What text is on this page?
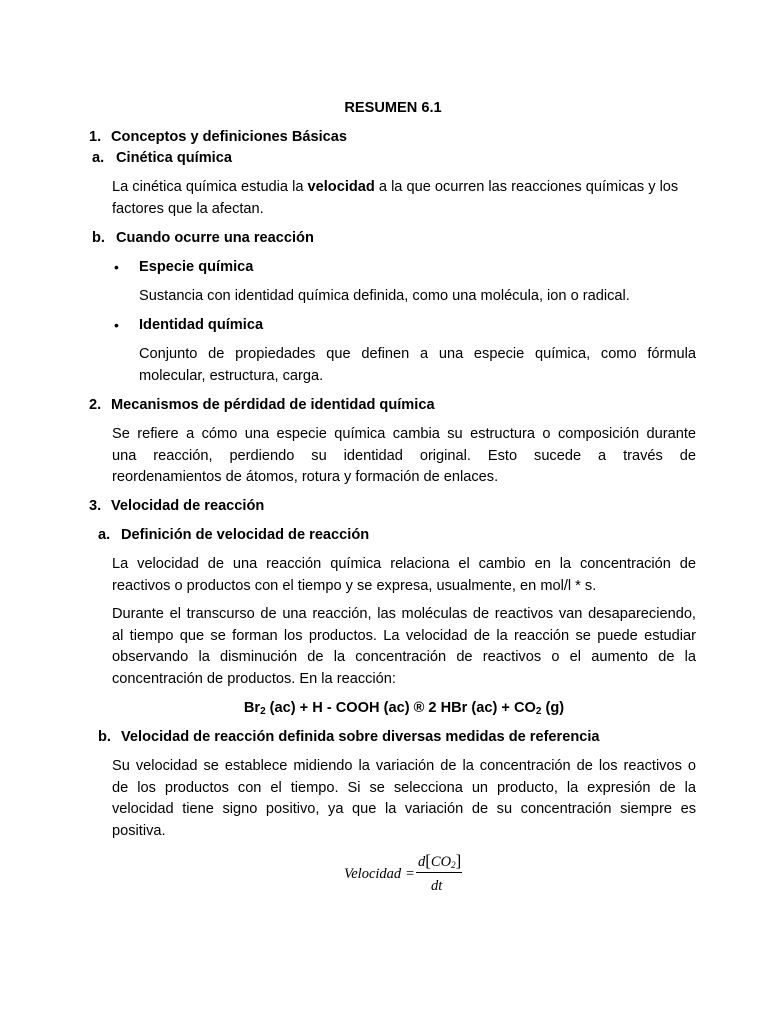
RESUMEN 6.1
1. Conceptos y definiciones Básicas
a. Cinética química
La cinética química estudia la velocidad a la que ocurren las reacciones químicas y los
factores que la afectan.
b. Cuando ocurre una reacción
• Especie química
Sustancia con identidad química definida, como una molécula, ion o radical.
• Identidad química
Conjunto de propiedades que definen a una especie química, como fórmula
molecular, estructura, carga.
2. Mecanismos de pérdidad de identidad química
Se refiere a cómo una especie química cambia su estructura o composición durante
una reacción, perdiendo su identidad original. Esto sucede a través de
reordenamientos de átomos, rotura y formación de enlaces.
3. Velocidad de reacción
a. Definición de velocidad de reacción
La velocidad de una reacción química relaciona el cambio en la concentración de
reactivos o productos con el tiempo y se expresa, usualmente, en mol/l * s.
Durante el transcurso de una reacción, las moléculas de reactivos van desapareciendo,
al tiempo que se forman los productos. La velocidad de la reacción se puede estudiar
observando la disminución de la concentración de reactivos o el aumento de la
concentración de productos. En la reacción:
$Br_2$ (ac) + H - COOH (ac) ® 2 HBr $(ac) + CO_2$ (g)
b. Velocidad de reacción definida sobre diversas medidas de referencia
Su velocidad se establece midiendo la variación de la concentración de los reactivos o
de los productos con el tiempo. Si se selecciona un producto, la expresión de la
velocidad tiene signo positivo, ya que la variación de su concentración siempre es
positiva.
Velocidad =
$d[CO_2]$
dt
